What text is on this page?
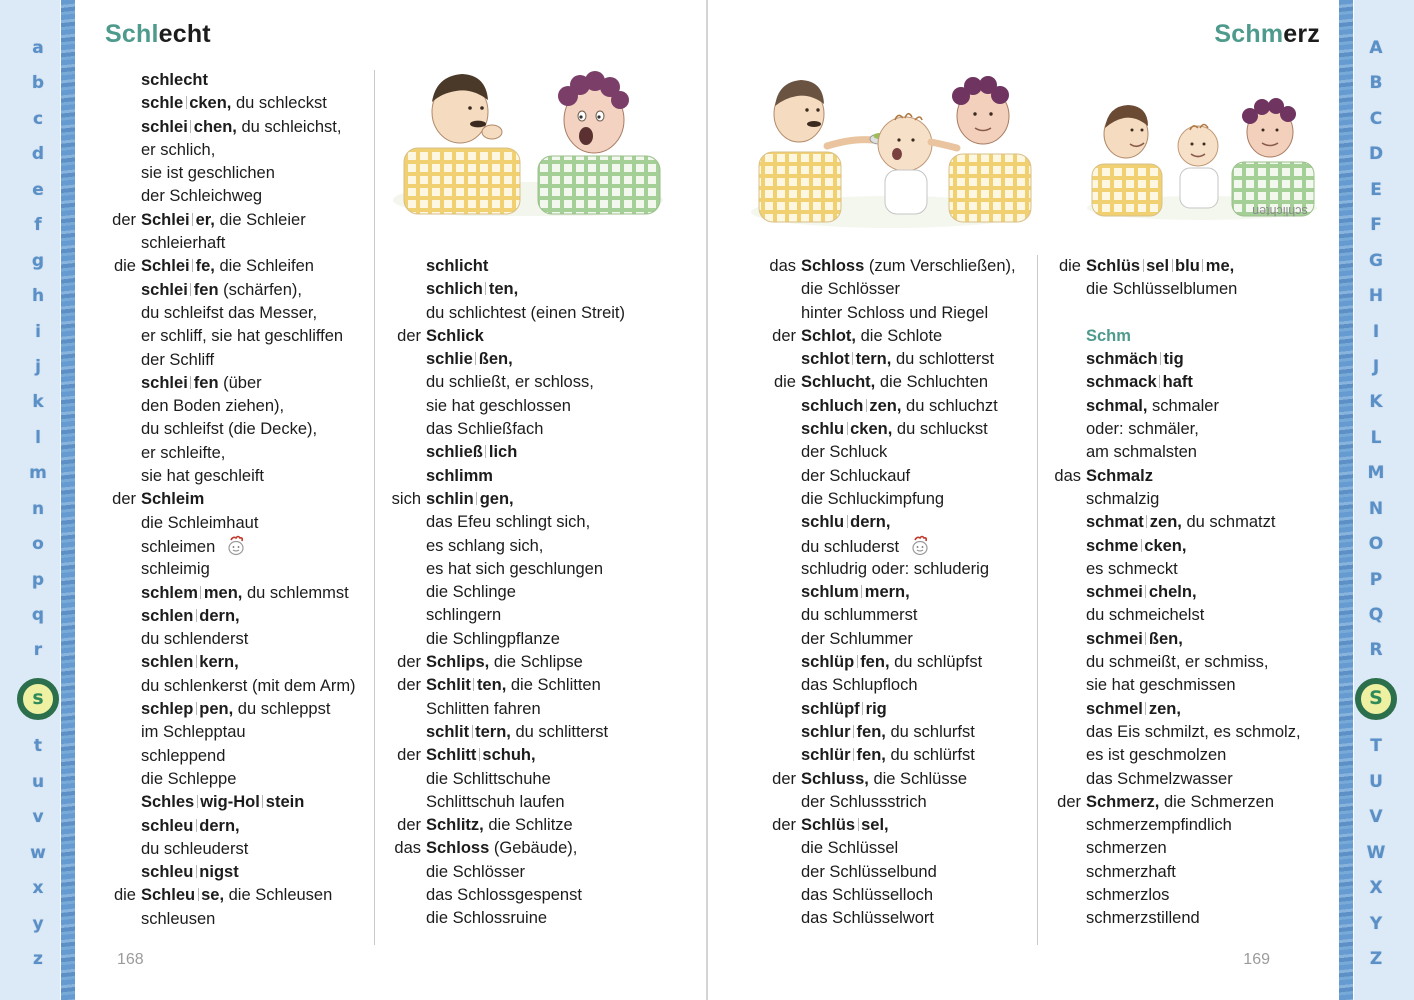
a
b
c
d
e
f
g
h
i
j
k
l
m
n
o
p
q
r
s
t
u
v
w
x
y
z
A
B
C
D
E
F
G
H
I
J
K
L
M
N
O
P
Q
R
S
T
U
V
W
X
Y
Z
Schlecht	Schmerz
schlichten
schlecht
schle cken, du schleckst
schlei chen, du schleichst,
er schlich,
sie ist geschlichen
der Schleichweg
der Schlei er, die Schleier
schleierhaft
die Schlei fe, die Schleifen
schlei fen (schärfen),
du schleifst das Messer,
er schliff, sie hat geschliffen
der Schliff
schlei fen (über
den Boden ziehen),
du schleifst (die Decke),
er schleifte,
sie hat geschleift
der Schleim
die Schleimhaut
schleimen
schleimig
schlem men, du schlemmst
schlen dern,
du schlenderst
schlen kern,
du schlenkerst (mit dem Arm)
schlep pen, du schleppst
im Schlepptau
schleppend
die Schleppe
Schles wig-Hol stein
schleu dern,
du schleuderst
schleu nigst
die Schleu se, die Schleusen
schleusen
schlicht
schlich ten,
du schlichtest (einen Streit)
der Schlick
schlie ßen,
du schließt, er schloss,
sie hat geschlossen
das Schließfach
schließ lich
schlimm
sich schlin gen,
das Efeu schlingt sich,
es schlang sich,
es hat sich geschlungen
die Schlinge
schlingern
die Schlingpflanze
der Schlips, die Schlipse
der Schlit ten, die Schlitten
Schlitten fahren
schlit tern, du schlitterst
der Schlitt schuh,
die Schlittschuhe
Schlittschuh laufen
der Schlitz, die Schlitze
das Schloss (Gebäude),
die Schlösser
das Schlossgespenst
die Schlossruine
das Schloss (zum Verschließen),
die Schlösser
hinter Schloss und Riegel
der Schlot, die Schlote
schlot tern, du schlotterst
die Schlucht, die Schluchten
schluch zen, du schluchzt
schlu cken, du schluckst
der Schluck
der Schluckauf
die Schluckimpfung
schlu dern,
du schluderst
schludrig oder: schluderig
schlum mern,
du schlummerst
der Schlummer
schlüp fen, du schlüpfst
das Schlupfloch
schlüpf rig
schlur fen, du schlurfst
schlür fen, du schlürfst
der Schluss, die Schlüsse
der Schlussstrich
der Schlüs sel,
die Schlüssel
der Schlüsselbund
das Schlüsselloch
das Schlüsselwort
die Schlüs sel blu me,
die Schlüsselblumen
Schm
schmäch tig
schmack haft
schmal, schmaler
oder: schmäler,
am schmalsten
das Schmalz
schmalzig
schmat zen, du schmatzt
schme cken,
es schmeckt
schmei cheln,
du schmeichelst
schmei ßen,
du schmeißt, er schmiss,
sie hat geschmissen
schmel zen,
das Eis schmilzt, es schmolz,
es ist geschmolzen
das Schmelzwasser
der Schmerz, die Schmerzen
schmerzempfindlich
schmerzen
schmerzhaft
schmerzlos
schmerzstillend
168	169
